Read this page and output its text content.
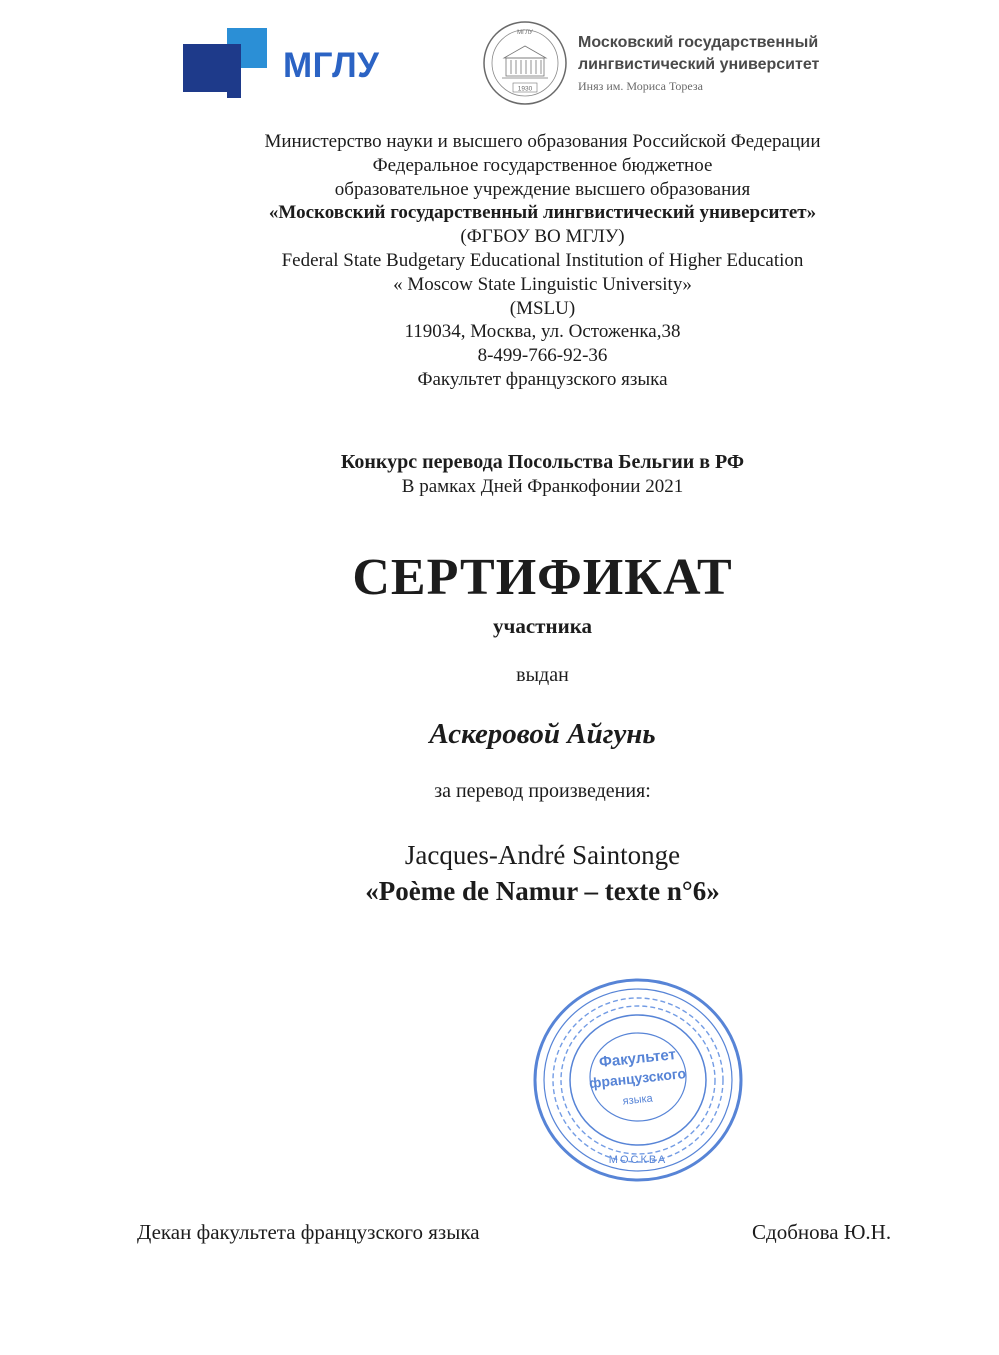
МГЛУ
МГЛУ
1930
Московский государственный
лингвистический университет
Иняз им. Мориса Тореза
Министерство науки и высшего образования Российской Федерации
Федеральное государственное бюджетное
образовательное учреждение высшего образования
«Московский государственный лингвистический университет»
(ФГБОУ ВО МГЛУ)
Federal State Budgetary Educational Institution of Higher Education
« Moscow State Linguistic University»
(MSLU)
119034, Москва, ул. Остоженка,38
8-499-766-92-36
Факультет французского языка
Конкурс перевода Посольства Бельгии в РФ
В рамках Дней Франкофонии 2021
СЕРТИФИКАТ
участника
выдан
Аскеровой Айгунь
за перевод произведения:
Jacques-André Saintonge
«Poème de Namur – texte n°6»
Факультет
французского
языка
МОСКВА
Декан факультета французского языка	Сдобнова Ю.Н.
